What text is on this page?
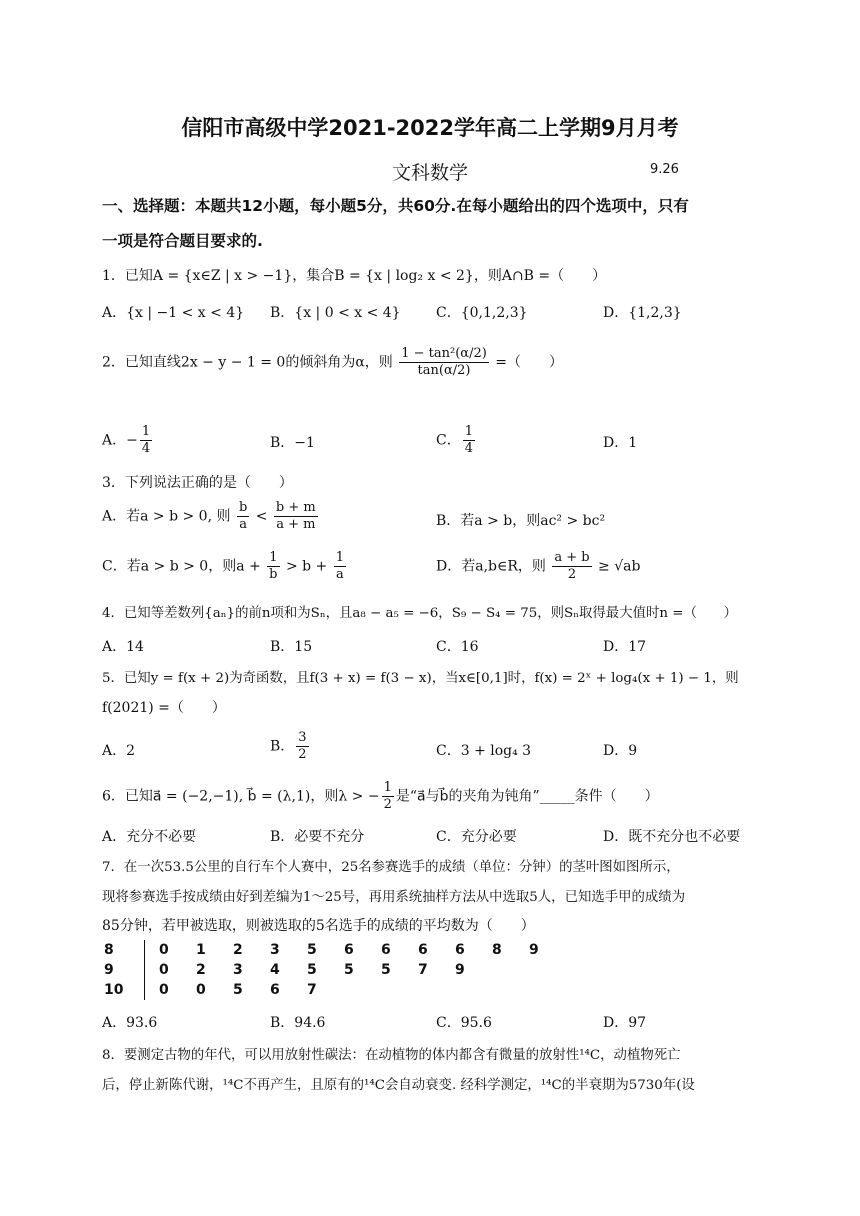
信阳市高级中学2021-2022学年高二上学期9月月考
文科数学	9.26
一、选择题：本题共12小题，每小题5分，共60分.在每小题给出的四个选项中，只有
一项是符合题目要求的.
1．已知A = {x∈Z | x > −1}，集合B = {x | log₂ x < 2}，则A∩B =（　　）
A．{x | −1 < x < 4} B．{x | 0 < x < 4}	C．{0,1,2,3}	D．{1,2,3}
2．已知直线2x − y − 1 = 0的倾斜角为α，则 $\frac{\text{1 − tan²(α/2)}}{\tan(\alpha/2)}$ =（　　）
A．− $\frac{1}{4}$	B．−1	C． $\frac{1}{4}$	D．1
3．下列说法正确的是（　　）
A．若a > b > 0, 则 $\frac{b}{a} < \frac{b + m}{a + m}$	B．若a > b，则ac² > bc²
C．若a > b > 0，则$a + \frac{1}{b} > b + \frac{1}{a}$	D．若a,b∈R，则 $\frac{a + b}{2} \ge √ab$
4．已知等差数列{aₙ}的前n项和为Sₙ，且a₈ − a₅ = −6，S₉ − S₄ = 75，则Sₙ取得最大值时n =（　　）
A．14	B．15	C．16	D．17
5．已知y = f(x + 2)为奇函数，且f(3 + x) = f(3 − x)，当x∈[0,1]时，f(x) = 2ˣ + log₄(x + 1) − 1，则
f(2021) =（　　）
A．2	B． $\frac{3}{2}$	C．3 + log₄ 3	D．9
6．已知a⃗ = (−2,−1), b⃗ = (λ,1)，则λ > − $\frac{1}{2}$ 是“a⃗与b⃗的夹角为钝角”_____条件（　　）
A．充分不必要	B．必要不充分	C．充分必要	D．既不充分也不必要
7．在一次53.5公里的自行车个人赛中，25名参赛选手的成绩（单位：分钟）的茎叶图如图所示，
现将参赛选手按成绩由好到差编为1～25号，再用系统抽样方法从中选取5人，已知选手甲的成绩为
85分钟，若甲被选取，则被选取的5名选手的成绩的平均数为（　　）
8	0	1	2	3	5	6	6	6	6	8	9
9	0	2	3	4	5	5	5	7	9		
10	0	0	5	6	7						
A．93.6	B．94.6	C．95.6	D．97
8．要测定古物的年代，可以用放射性碳法：在动植物的体内都含有微量的放射性¹⁴C，动植物死亡
后，停止新陈代谢，¹⁴C不再产生，且原有的¹⁴C会自动衰变. 经科学测定，¹⁴C的半衰期为5730年(设
